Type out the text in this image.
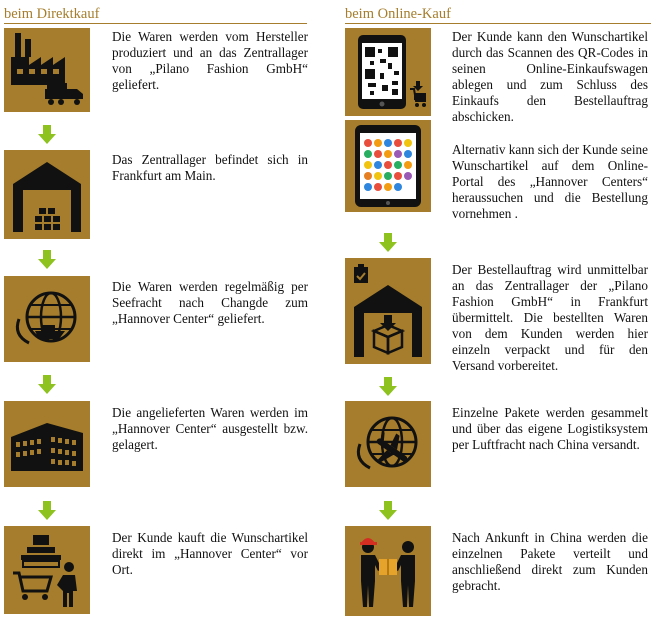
beim Direktkauf	beim Online-Kauf
Die Waren werden vom Hersteller produziert und an das Zentrallager von „Pilano Fashion GmbH“ geliefert.
Das Zentrallager befindet sich in Frankfurt am Main.
Die Waren werden regelmäßig per Seefracht nach Changde zum „Hannover Center“ geliefert.
Die angelieferten Waren werden im „Hannover Center“ ausgestellt bzw. gelagert.
Der Kunde kauft die Wunschartikel direkt im „Hannover Center“ vor Ort.
Der Kunde kann den Wunschartikel durch das Scannen des QR-Codes in seinen Online-Einkaufswagen ablegen und zum Schluss des Einkaufs den Bestellauftrag abschicken.
Alternativ kann sich der Kunde seine Wunschartikel auf dem Online-Portal des „Hannover Centers“ heraussuchen und die Bestellung vornehmen .
Der Bestellauftrag wird unmittelbar an das Zentrallager der „Pilano Fashion GmbH“ in Frankfurt übermittelt. Die bestellten Waren von dem Kunden werden hier einzeln verpackt und für den Versand vorbereitet.
Einzelne Pakete werden gesammelt und über das eigene Logistiksystem per Luftfracht nach China versandt.
Nach Ankunft in China werden die einzelnen Pakete verteilt und anschließend direkt zum Kunden gebracht.
